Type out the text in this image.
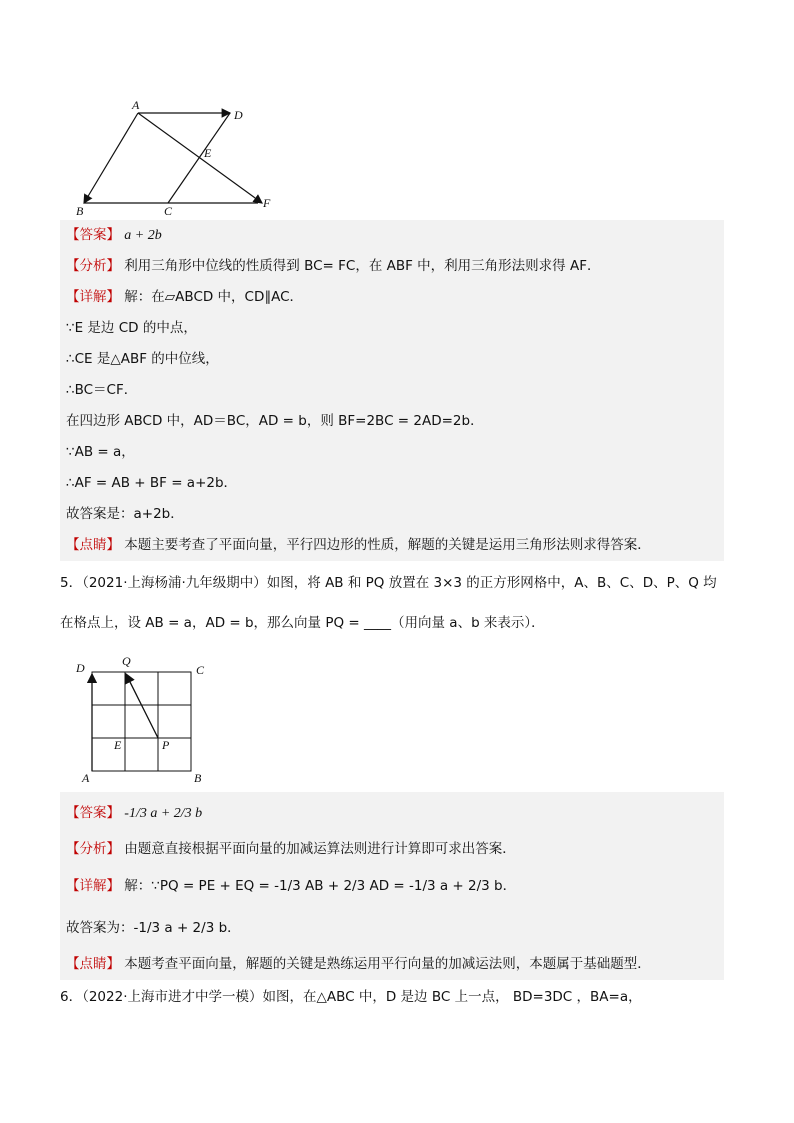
A
D
E
B	C
F
【答案】 a + 2b
【分析】 利用三角形中位线的性质得到 BC= FC，在 ABF 中，利用三角形法则求得 AF．
【详解】 解：在▱ABCD 中，CD∥AC．
∵E 是边 CD 的中点，
∴CE 是△ABF 的中位线，
∴BC＝CF．
在四边形 ABCD 中，AD＝BC，AD = b，则 BF=2BC = 2AD=2b．
∵AB = a，
∴AF = AB + BF = a+2b．
故答案是：a+2b．
【点睛】 本题主要考查了平面向量，平行四边形的性质，解题的关键是运用三角形法则求得答案．
5．（2021·上海杨浦·九年级期中）如图，将 AB 和 PQ 放置在 3×3 的正方形网格中，A、B、C、D、P、Q 均
在格点上，设 AB = a，AD = b，那么向量 PQ = ____（用向量 a、b 来表示）．
D	Q
C
E	P
A	B
【答案】 -1/3 a + 2/3 b
【分析】 由题意直接根据平面向量的加减运算法则进行计算即可求出答案．
【详解】 解：∵PQ = PE + EQ = -1/3 AB + 2/3 AD = -1/3 a + 2/3 b．
故答案为：-1/3 a + 2/3 b．
【点睛】 本题考查平面向量，解题的关键是熟练运用平行向量的加减运法则，本题属于基础题型．
6．（2022·上海市进才中学一模）如图，在△ABC 中，D 是边 BC 上一点， BD=3DC ，BA=a，
